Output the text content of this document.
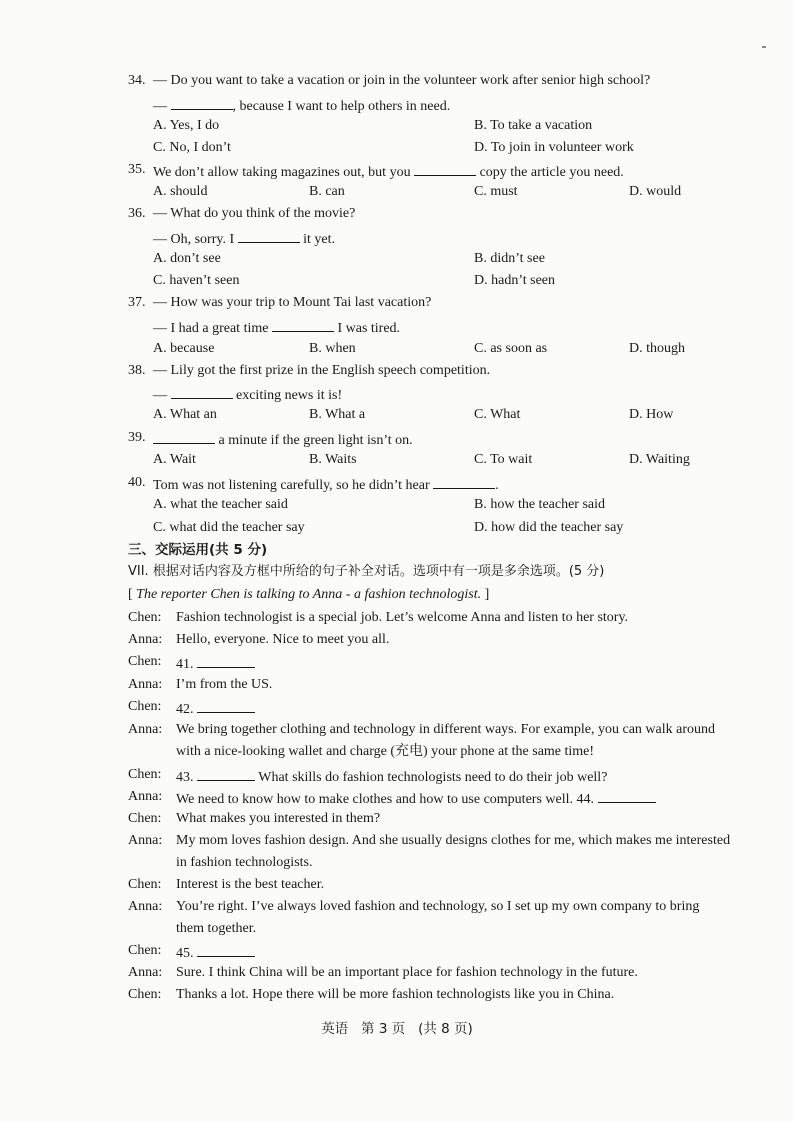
34. — Do you want to take a vacation or join in the volunteer work after senior high school?
—	, because I want to help others in need.
A. Yes, I do	B. To take a vacation
C. No, I don’t	D. To join in volunteer work
35. We don’t allow taking magazines out, but you	copy the article you need.
A. should	B. can	C. must	D. would
36. — What do you think of the movie?
— Oh, sorry. I	it yet.
A. don’t see	B. didn’t see
C. haven’t seen	D. hadn’t seen
37. — How was your trip to Mount Tai last vacation?
— I had a great time	I was tired.
A. because	B. when	C. as soon as	D. though
38. — Lily got the first prize in the English speech competition.
—	exciting news it is!
A. What an	B. What a	C. What	D. How
39.	a minute if the green light isn’t on.
A. Wait	B. Waits	C. To wait	D. Waiting
40. Tom was not listening carefully, so he didn’t hear	.
A. what the teacher said	B. how the teacher said
C. what did the teacher say	D. how did the teacher say
三、交际运用(共 5 分)
VII. 根据对话内容及方框中所给的句子补全对话。选项中有一项是多余选项。(5 分)
[ The reporter Chen is talking to Anna - a fashion technologist. ]
Chen: Fashion technologist is a special job. Let’s welcome Anna and listen to her story.
Anna: Hello, everyone. Nice to meet you all.
Chen: 41.
Anna: I’m from the US.
Chen: 42.
Anna: We bring together clothing and technology in different ways. For example, you can walk around
with a nice-looking wallet and charge (充电) your phone at the same time!
Chen: 43.	What skills do fashion technologists need to do their job well?
Anna: We need to know how to make clothes and how to use computers well. 44.
Chen: What makes you interested in them?
Anna: My mom loves fashion design. And she usually designs clothes for me, which makes me interested
in fashion technologists.
Chen: Interest is the best teacher.
Anna: You’re right. I’ve always loved fashion and technology, so I set up my own company to bring
them together.
Chen: 45.
Anna: Sure. I think China will be an important place for fashion technology in the future.
Chen: Thanks a lot. Hope there will be more fashion technologists like you in China.
英语   第 3 页   (共 8 页)
